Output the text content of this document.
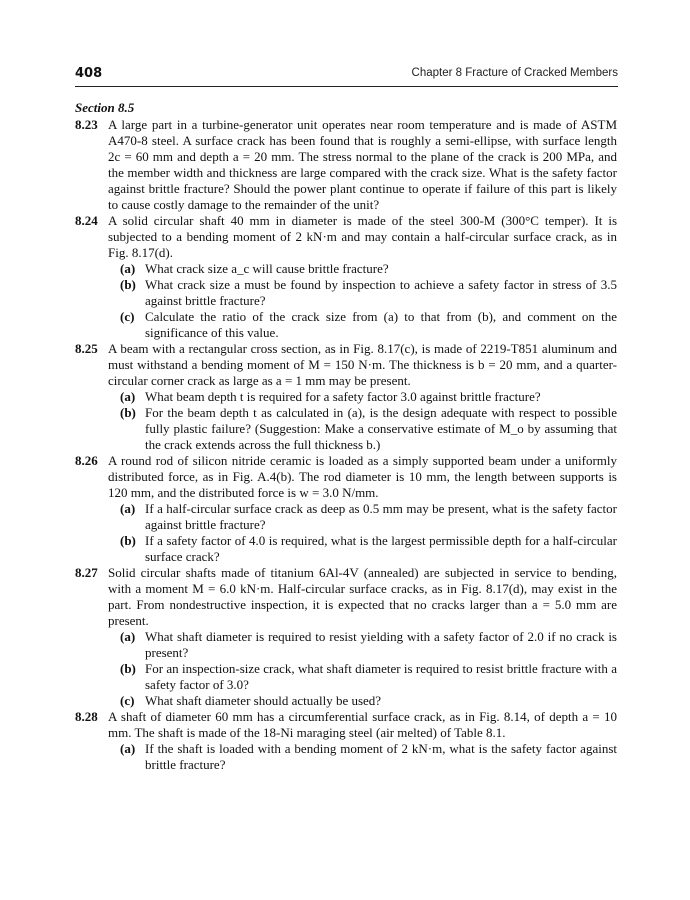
408	Chapter 8 Fracture of Cracked Members
Section 8.5
8.23 A large part in a turbine-generator unit operates near room temperature and is made of ASTM A470-8 steel. A surface crack has been found that is roughly a semi-ellipse, with surface length 2c = 60 mm and depth a = 20 mm. The stress normal to the plane of the crack is 200 MPa, and the member width and thickness are large compared with the crack size. What is the safety factor against brittle fracture? Should the power plant continue to operate if failure of this part is likely to cause costly damage to the remainder of the unit?
8.24 A solid circular shaft 40 mm in diameter is made of the steel 300-M (300°C temper). It is subjected to a bending moment of 2 kN·m and may contain a half-circular surface crack, as in Fig. 8.17(d).
(a) What crack size a_c will cause brittle fracture?
(b) What crack size a must be found by inspection to achieve a safety factor in stress of 3.5 against brittle fracture?
(c) Calculate the ratio of the crack size from (a) to that from (b), and comment on the significance of this value.
8.25 A beam with a rectangular cross section, as in Fig. 8.17(c), is made of 2219-T851 aluminum and must withstand a bending moment of M = 150 N·m. The thickness is b = 20 mm, and a quarter-circular corner crack as large as a = 1 mm may be present.
(a) What beam depth t is required for a safety factor 3.0 against brittle fracture?
(b) For the beam depth t as calculated in (a), is the design adequate with respect to possible fully plastic failure? (Suggestion: Make a conservative estimate of M_o by assuming that the crack extends across the full thickness b.)
8.26 A round rod of silicon nitride ceramic is loaded as a simply supported beam under a uniformly distributed force, as in Fig. A.4(b). The rod diameter is 10 mm, the length between supports is 120 mm, and the distributed force is w = 3.0 N/mm.
(a) If a half-circular surface crack as deep as 0.5 mm may be present, what is the safety factor against brittle fracture?
(b) If a safety factor of 4.0 is required, what is the largest permissible depth for a half-circular surface crack?
8.27 Solid circular shafts made of titanium 6Al-4V (annealed) are subjected in service to bending, with a moment M = 6.0 kN·m. Half-circular surface cracks, as in Fig. 8.17(d), may exist in the part. From nondestructive inspection, it is expected that no cracks larger than a = 5.0 mm are present.
(a) What shaft diameter is required to resist yielding with a safety factor of 2.0 if no crack is present?
(b) For an inspection-size crack, what shaft diameter is required to resist brittle fracture with a safety factor of 3.0?
(c) What shaft diameter should actually be used?
8.28 A shaft of diameter 60 mm has a circumferential surface crack, as in Fig. 8.14, of depth a = 10 mm. The shaft is made of the 18-Ni maraging steel (air melted) of Table 8.1.
(a) If the shaft is loaded with a bending moment of 2 kN·m, what is the safety factor against brittle fracture?
